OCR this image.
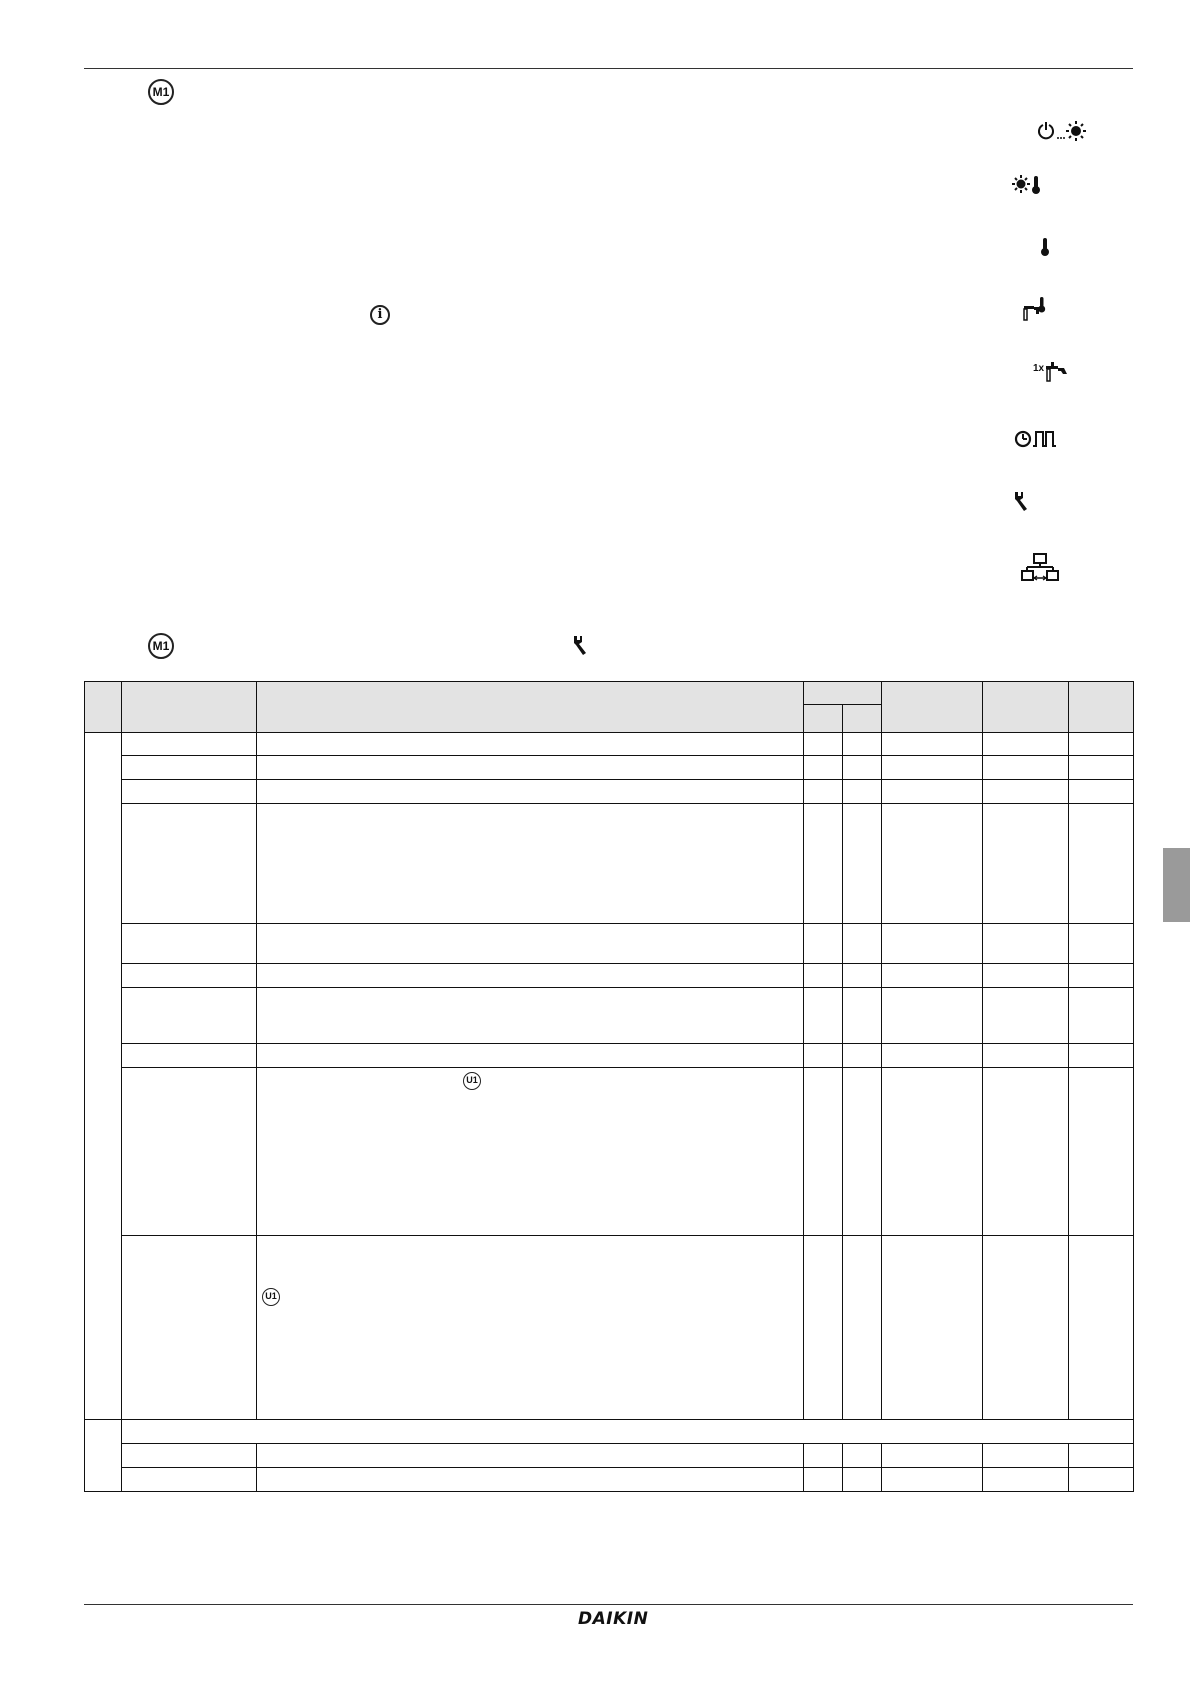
M1
1x
i
M1

		U1					

		U1					

DAIKIN
